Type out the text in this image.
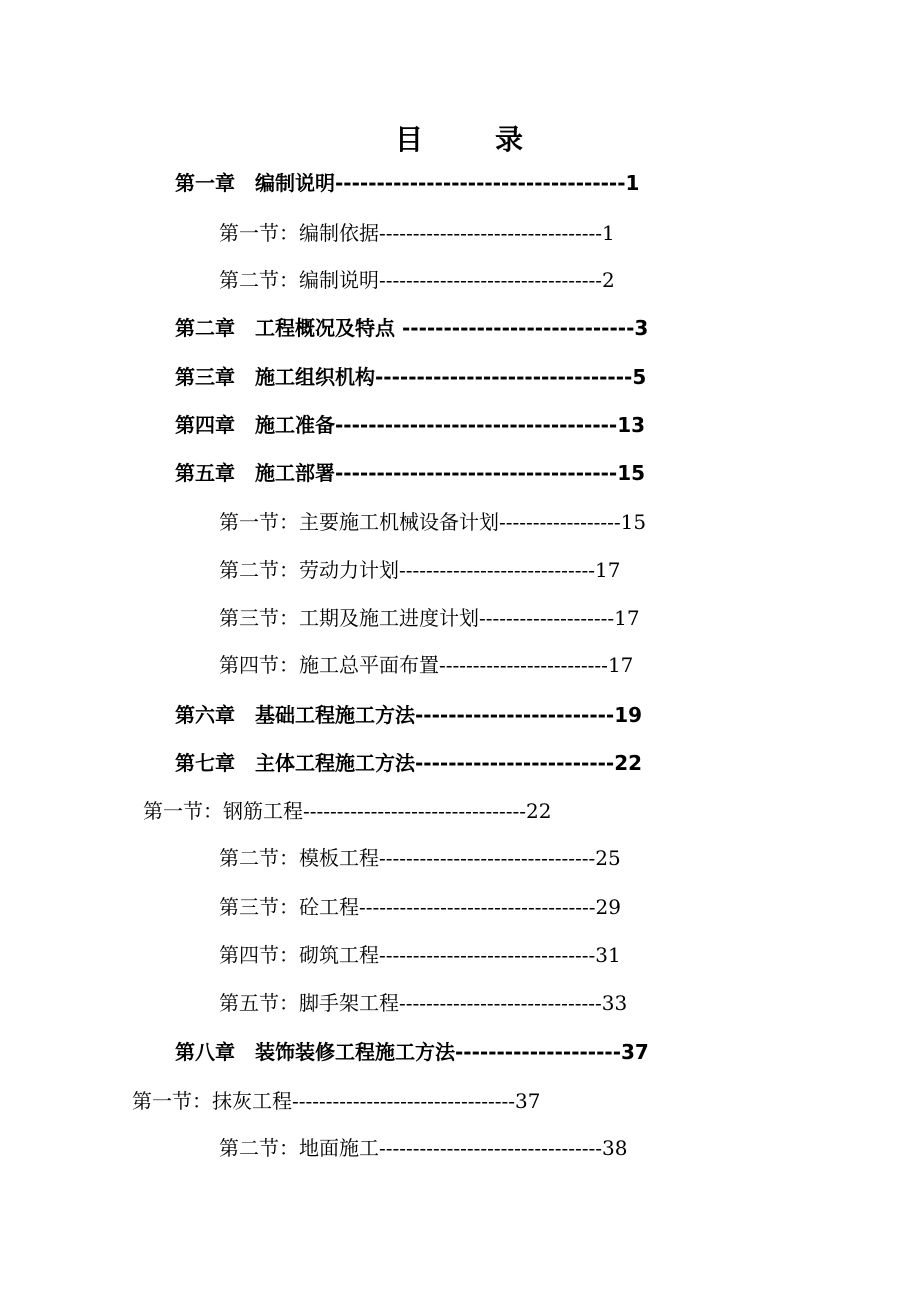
目	录
第一章　编制说明-----------------------------------1
第一节：编制依据---------------------------------1
第二节：编制说明---------------------------------2
第二章　工程概况及特点 ----------------------------3
第三章　施工组织机构-------------------------------5
第四章　施工准备----------------------------------13
第五章　施工部署----------------------------------15
第一节：主要施工机械设备计划------------------15
第二节：劳动力计划-----------------------------17
第三节：工期及施工进度计划--------------------17
第四节：施工总平面布置-------------------------17
第六章　基础工程施工方法------------------------19
第七章　主体工程施工方法------------------------22
第一节：钢筋工程---------------------------------22
第二节：模板工程--------------------------------25
第三节：砼工程-----------------------------------29
第四节：砌筑工程--------------------------------31
第五节：脚手架工程------------------------------33
第八章　装饰装修工程施工方法--------------------37
第一节：抹灰工程---------------------------------37
第二节：地面施工---------------------------------38
